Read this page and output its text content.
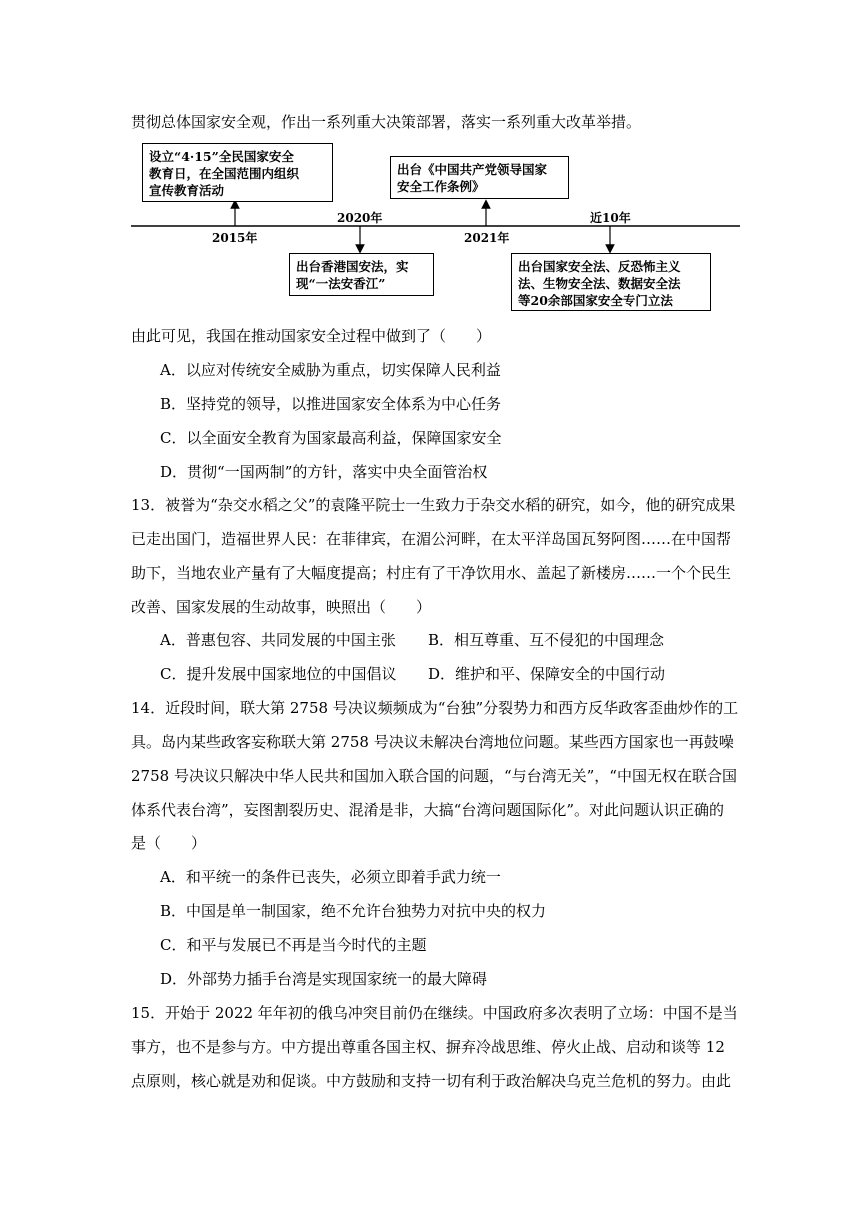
贯彻总体国家安全观，作出一系列重大决策部署，落实一系列重大改革举措。
设立“4·15”全民国家安全
教育日，在全国范围内组织
宣传教育活动
2015年
2020年
出台香港国安法，实
现“一法安香江”
出台《中国共产党领导国家
安全工作条例》
2021年
近10年
出台国家安全法、反恐怖主义
法、生物安全法、数据安全法
等20余部国家安全专门立法
由此可见，我国在推动国家安全过程中做到了（　　）
A．以应对传统安全威胁为重点，切实保障人民利益
B．坚持党的领导，以推进国家安全体系为中心任务
C．以全面安全教育为国家最高利益，保障国家安全
D．贯彻“一国两制”的方针，落实中央全面管治权
13．被誉为“杂交水稻之父”的袁隆平院士一生致力于杂交水稻的研究，如今，他的研究成果
已走出国门，造福世界人民：在菲律宾，在湄公河畔，在太平洋岛国瓦努阿图……在中国帮
助下，当地农业产量有了大幅度提高；村庄有了干净饮用水、盖起了新楼房……一个个民生
改善、国家发展的生动故事，映照出（　　）
A．普惠包容、共同发展的中国主张 B．相互尊重、互不侵犯的中国理念
C．提升发展中国家地位的中国倡议 D．维护和平、保障安全的中国行动
14．近段时间，联大第 2758 号决议频频成为“台独”分裂势力和西方反华政客歪曲炒作的工
具。岛内某些政客妄称联大第 2758 号决议未解决台湾地位问题。某些西方国家也一再鼓噪
2758 号决议只解决中华人民共和国加入联合国的问题，“与台湾无关”，“中国无权在联合国
体系代表台湾”，妄图割裂历史、混淆是非，大搞“台湾问题国际化”。对此问题认识正确的
是（　　）
A．和平统一的条件已丧失，必须立即着手武力统一
B．中国是单一制国家，绝不允许台独势力对抗中央的权力
C．和平与发展已不再是当今时代的主题
D．外部势力插手台湾是实现国家统一的最大障碍
15．开始于 2022 年年初的俄乌冲突目前仍在继续。中国政府多次表明了立场：中国不是当
事方，也不是参与方。中方提出尊重各国主权、摒弃冷战思维、停火止战、启动和谈等 12
点原则，核心就是劝和促谈。中方鼓励和支持一切有利于政治解决乌克兰危机的努力。由此
